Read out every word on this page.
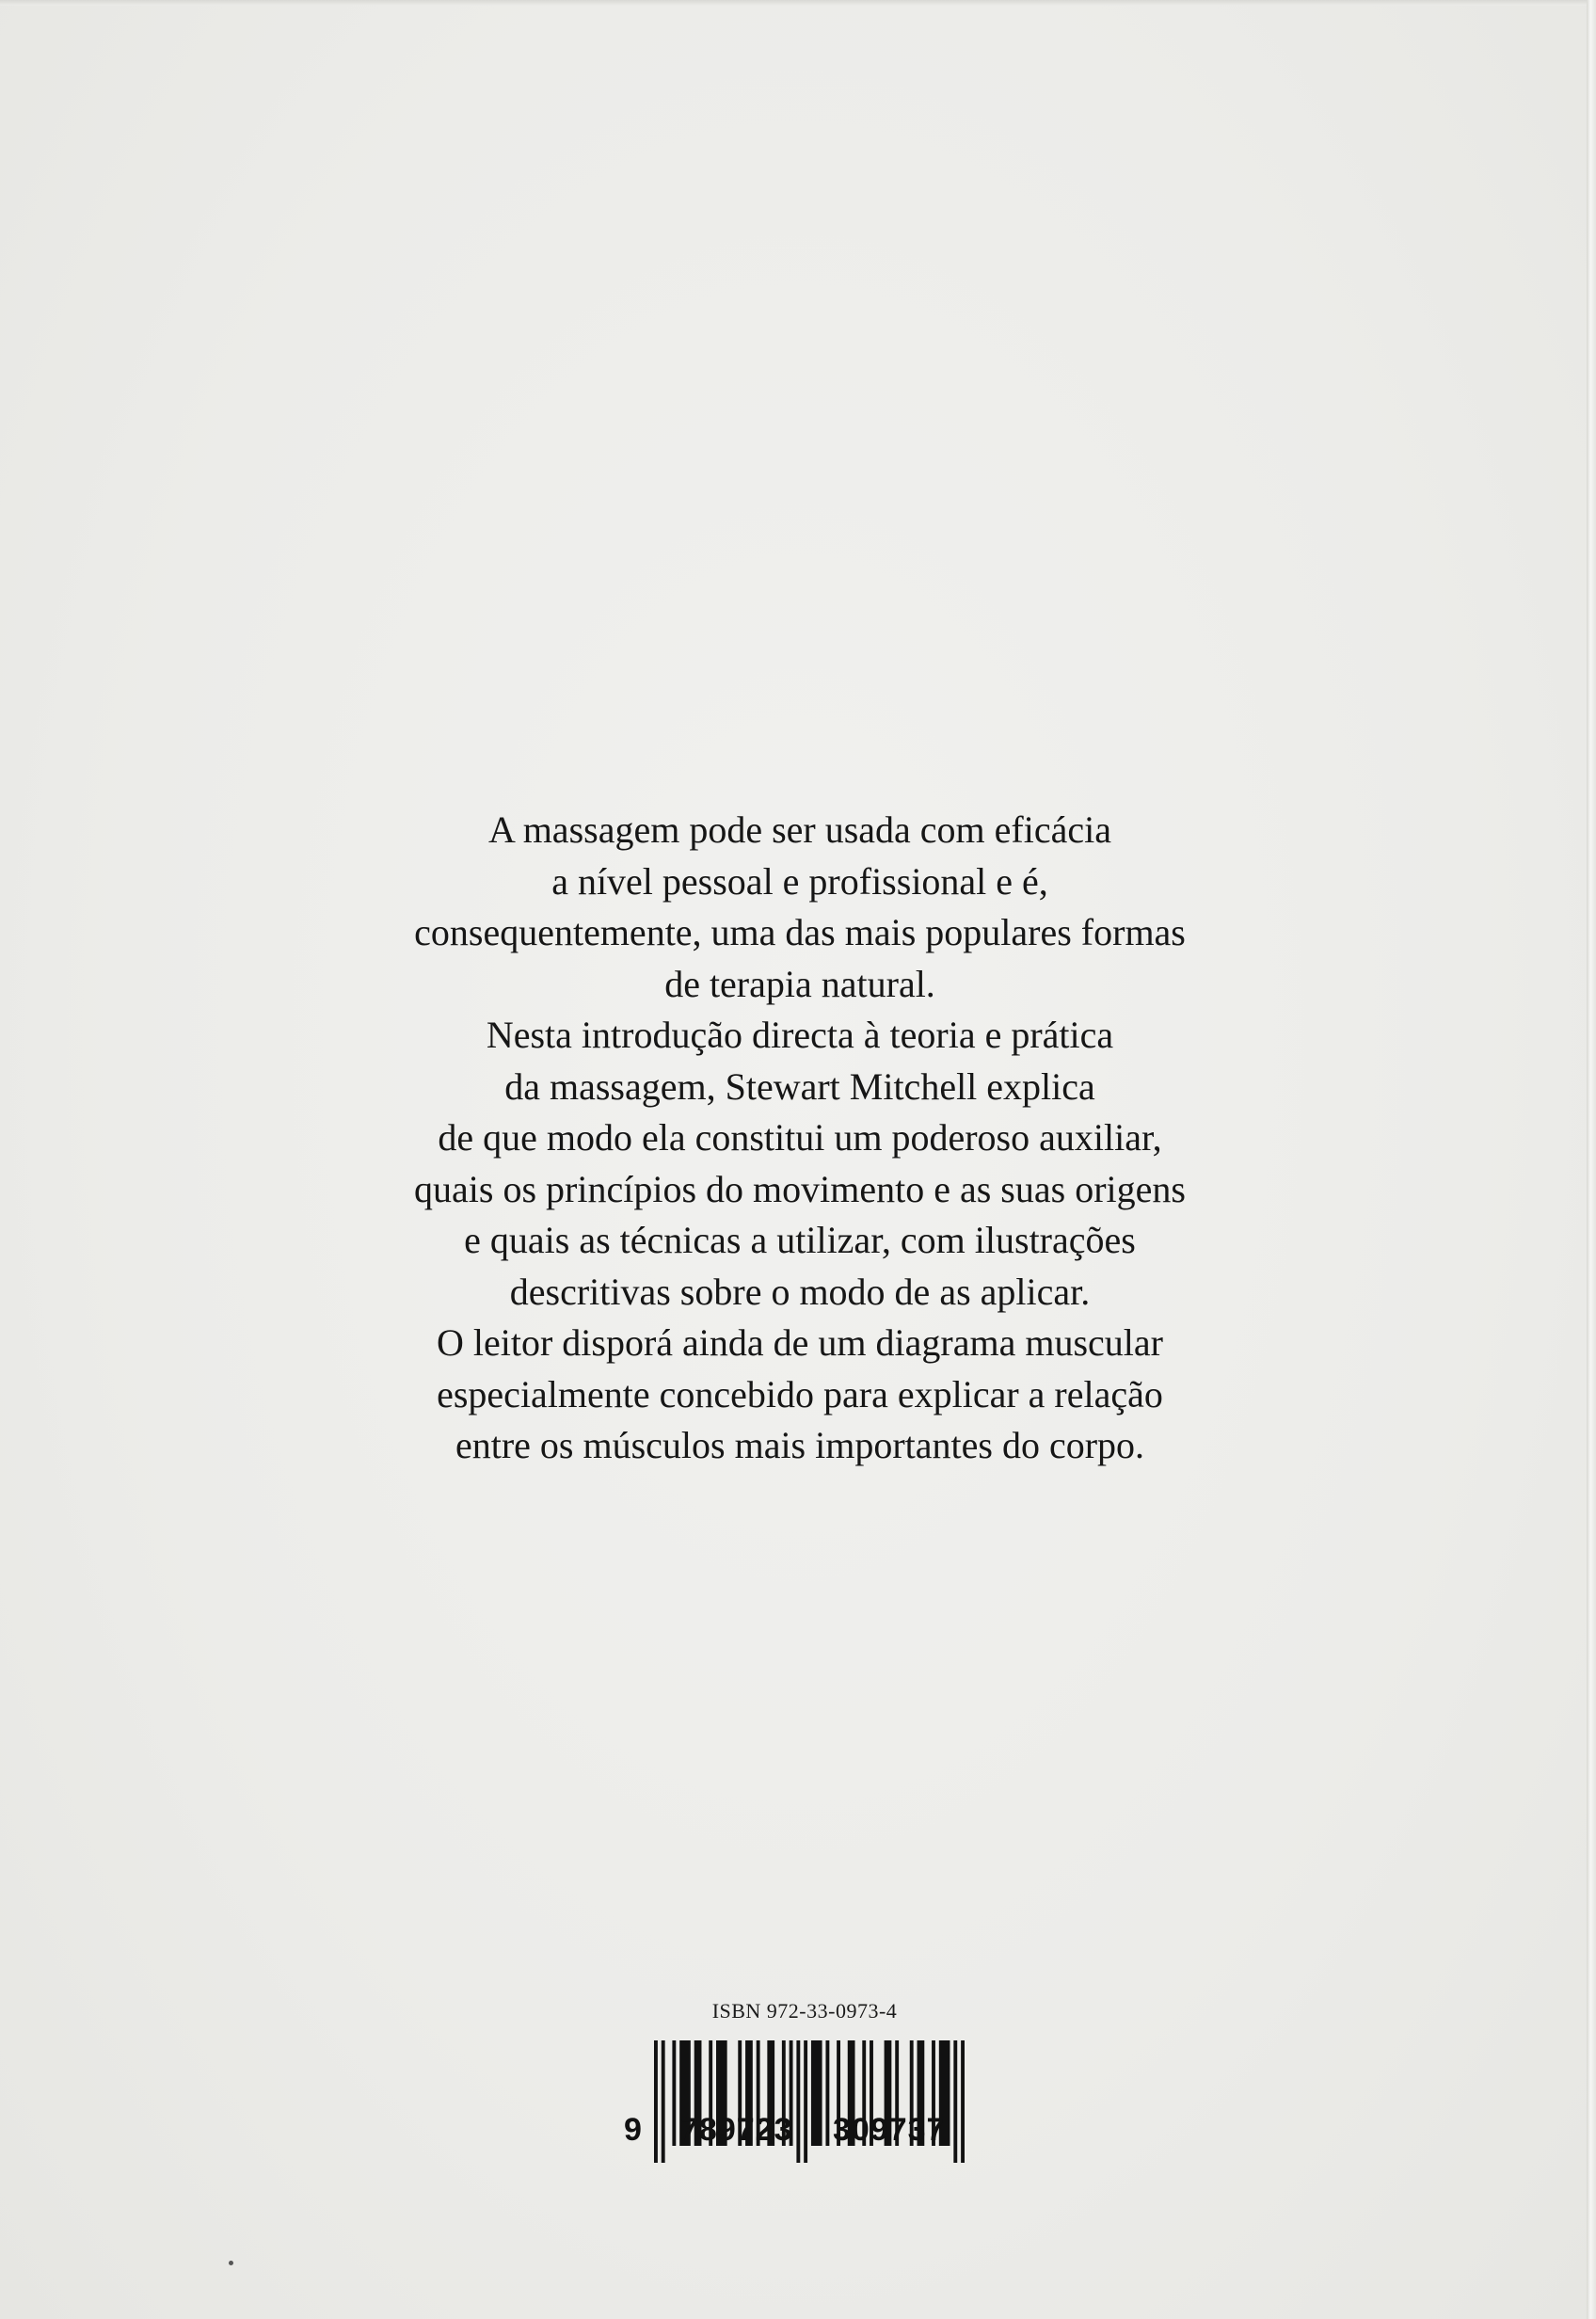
A massagem pode ser usada com eficácia
a nível pessoal e profissional e é,
consequentemente, uma das mais populares formas
de terapia natural.
Nesta introdução directa à teoria e prática
da massagem, Stewart Mitchell explica
de que modo ela constitui um poderoso auxiliar,
quais os princípios do movimento e as suas origens
e quais as técnicas a utilizar, com ilustrações
descritivas sobre o modo de as aplicar.
O leitor disporá ainda de um diagrama muscular
especialmente concebido para explicar a relação
entre os músculos mais importantes do corpo.
ISBN 972-33-0973-4
9 789723 309737
